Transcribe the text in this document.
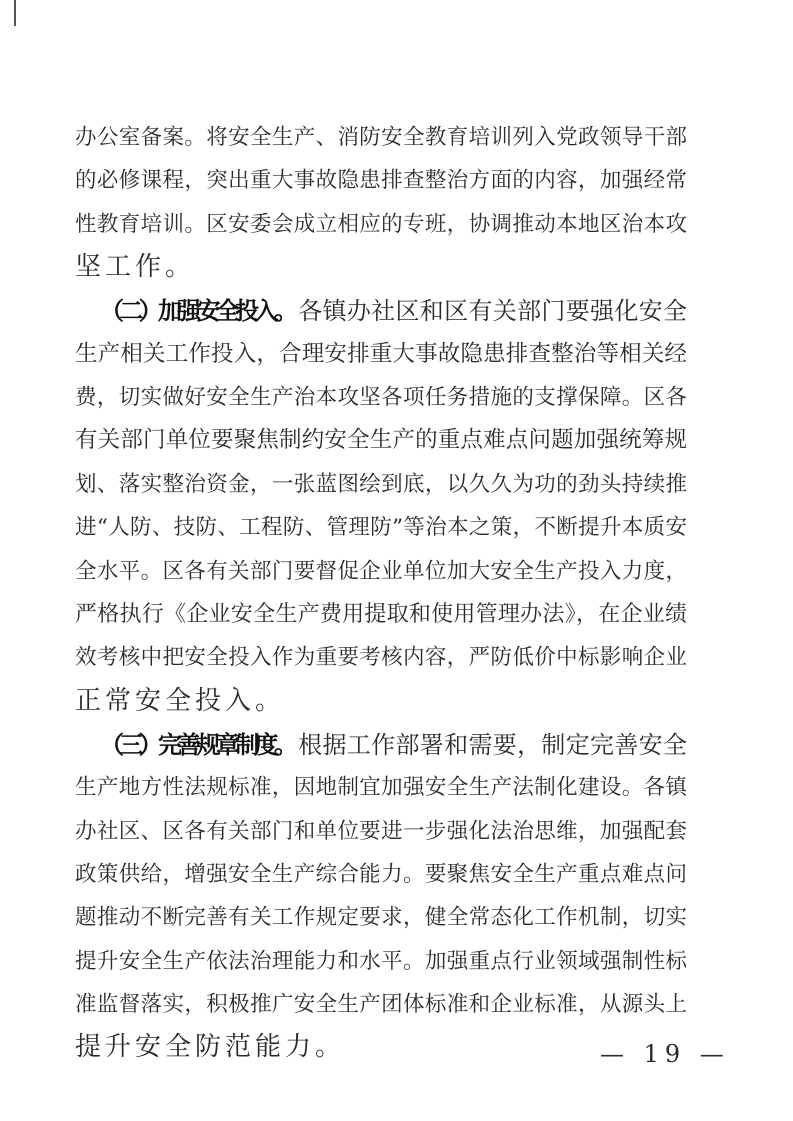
办公室备案。将安全生产、消防安全教育培训列入党政领导干部
的必修课程，突出重大事故隐患排查整治方面的内容，加强经常
性教育培训。区安委会成立相应的专班，协调推动本地区治本攻
坚工作。
（二）加强安全投入。 各镇办社区和区有关部门要强化安全
生产相关工作投入，合理安排重大事故隐患排查整治等相关经
费，切实做好安全生产治本攻坚各项任务措施的支撑保障。区各
有关部门单位要聚焦制约安全生产的重点难点问题加强统筹规
划、落实整治资金，一张蓝图绘到底，以久久为功的劲头持续推
进“人防、技防、工程防、管理防”等治本之策，不断提升本质安
全水平。区各有关部门要督促企业单位加大安全生产投入力度，
严格执行《企业安全生产费用提取和使用管理办法》，在企业绩
效考核中把安全投入作为重要考核内容，严防低价中标影响企业
正常安全投入。
（三）完善规章制度。 根据工作部署和需要，制定完善安全
生产地方性法规标准，因地制宜加强安全生产法制化建设。各镇
办社区、区各有关部门和单位要进一步强化法治思维，加强配套
政策供给，增强安全生产综合能力。要聚焦安全生产重点难点问
题推动不断完善有关工作规定要求，健全常态化工作机制，切实
提升安全生产依法治理能力和水平。加强重点行业领域强制性标
准监督落实，积极推广安全生产团体标准和企业标准，从源头上
提升安全防范能力。	— 19 —
